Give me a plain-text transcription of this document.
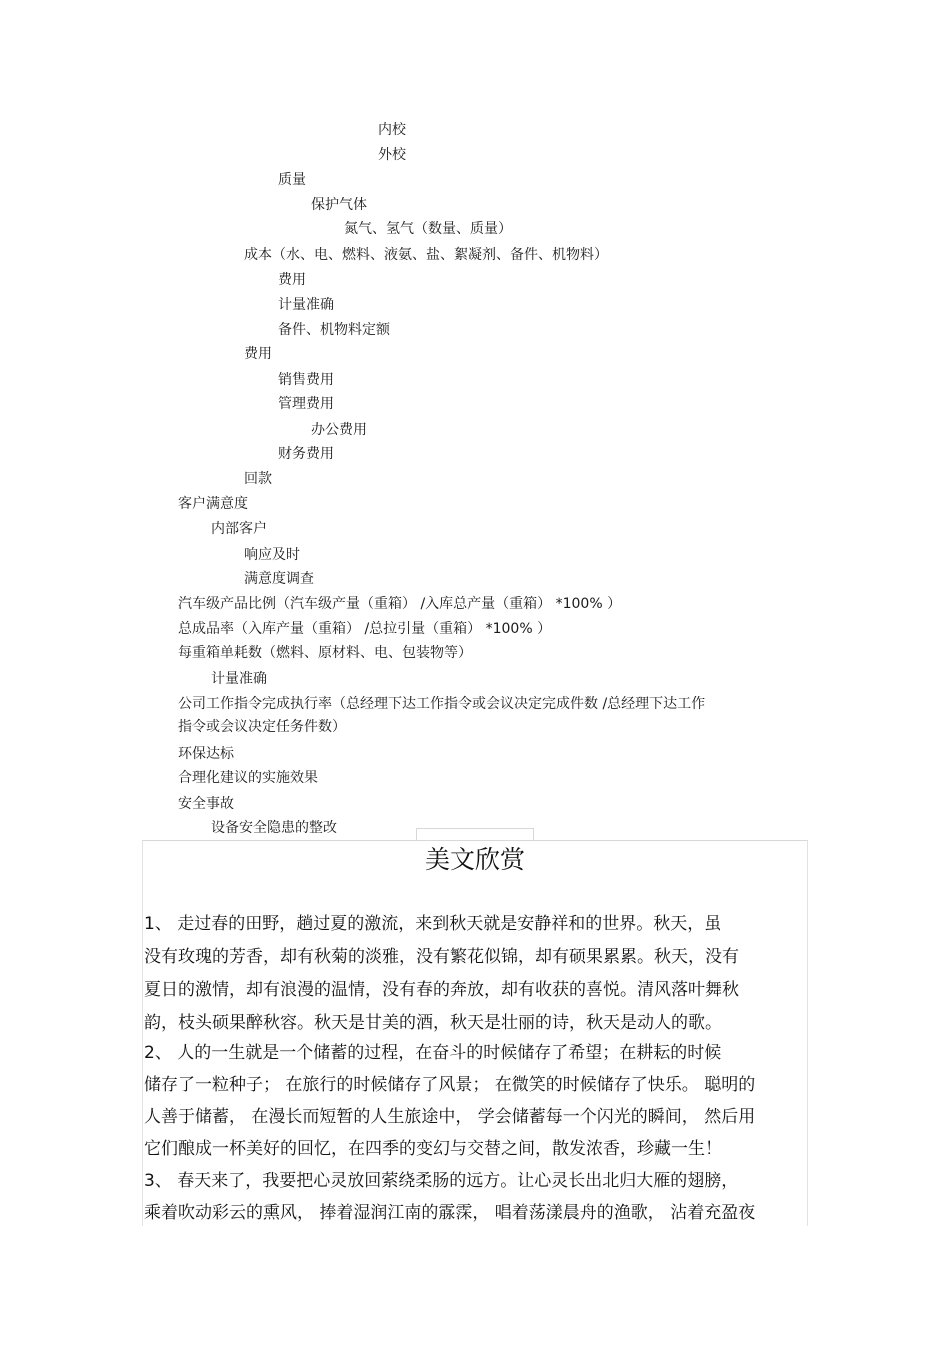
内校
外校
质量
保护气体
氮气、氢气（数量、质量）
成本（水、电、燃料、液氨、盐、絮凝剂、备件、机物料）
费用
计量准确
备件、机物料定额
费用
销售费用
管理费用
办公费用
财务费用
回款
客户满意度
内部客户
响应及时
满意度调查
汽车级产品比例（汽车级产量（重箱） /入库总产量（重箱） *100% ）
总成品率（入库产量（重箱） /总拉引量（重箱） *100% ）
每重箱单耗数（燃料、原材料、电、包装物等）
计量准确
公司工作指令完成执行率（总经理下达工作指令或会议决定完成件数 /总经理下达工作
指令或会议决定任务件数）
环保达标
合理化建议的实施效果
安全事故
设备安全隐患的整改
美文欣赏
1、 走过春的田野，趟过夏的激流，来到秋天就是安静祥和的世界。秋天，虽
没有玫瑰的芳香，却有秋菊的淡雅，没有繁花似锦，却有硕果累累。秋天，没有
夏日的激情，却有浪漫的温情，没有春的奔放，却有收获的喜悦。清风落叶舞秋
韵，枝头硕果醉秋容。秋天是甘美的酒，秋天是壮丽的诗，秋天是动人的歌。
2、 人的一生就是一个储蓄的过程，在奋斗的时候储存了希望；在耕耘的时候
储存了一粒种子； 在旅行的时候储存了风景； 在微笑的时候储存了快乐。 聪明的
人善于储蓄， 在漫长而短暂的人生旅途中， 学会储蓄每一个闪光的瞬间， 然后用
它们酿成一杯美好的回忆，在四季的变幻与交替之间，散发浓香，珍藏一生！
3、 春天来了，我要把心灵放回萦绕柔肠的远方。让心灵长出北归大雁的翅膀，
乘着吹动彩云的熏风， 捧着湿润江南的霡霂， 唱着荡漾晨舟的渔歌， 沾着充盈夜
